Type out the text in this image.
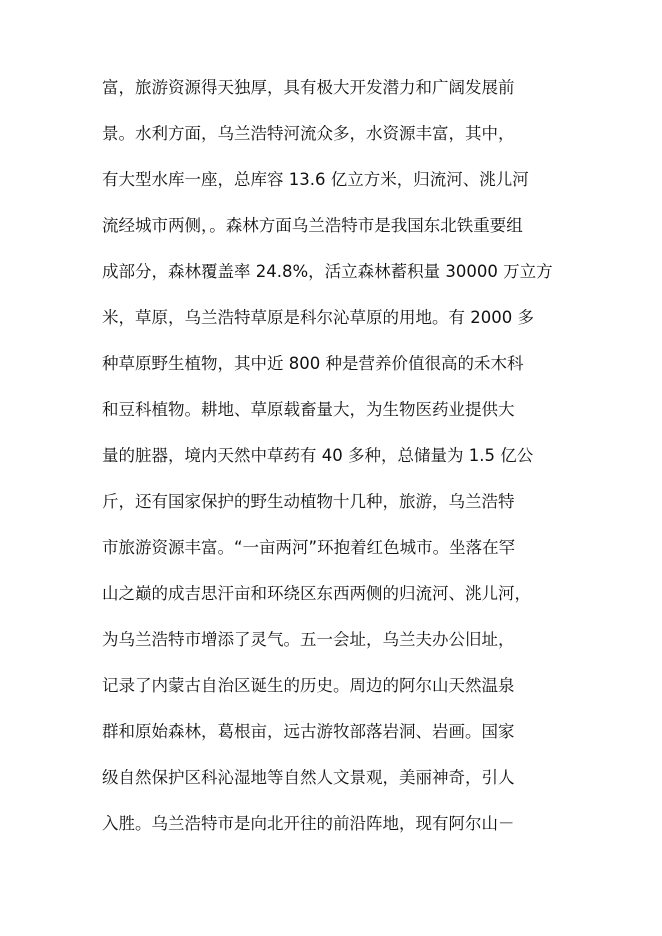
富，旅游资源得天独厚，具有极大开发潜力和广阔发展前
景。水利方面，乌兰浩特河流众多，水资源丰富，其中，
有大型水库一座，总库容 13.6 亿立方米，归流河、洮儿河
流经城市两侧，。森林方面乌兰浩特市是我国东北铁重要组
成部分，森林覆盖率 24.8%，活立森林蓄积量 30000 万立方
米，草原，乌兰浩特草原是科尔沁草原的用地。有 2000 多
种草原野生植物，其中近 800 种是营养价值很高的禾木科
和豆科植物。耕地、草原载畜量大，为生物医药业提供大
量的脏器，境内天然中草药有 40 多种，总储量为 1.5 亿公
斤，还有国家保护的野生动植物十几种，旅游，乌兰浩特
市旅游资源丰富。“一亩两河”环抱着红色城市。坐落在罕
山之巅的成吉思汗亩和环绕区东西两侧的归流河、洮儿河，
为乌兰浩特市增添了灵气。五一会址，乌兰夫办公旧址，
记录了内蒙古自治区诞生的历史。周边的阿尔山天然温泉
群和原始森林，葛根亩，远古游牧部落岩洞、岩画。国家
级自然保护区科沁湿地等自然人文景观，美丽神奇，引人
入胜。乌兰浩特市是向北开往的前沿阵地，现有阿尔山－
